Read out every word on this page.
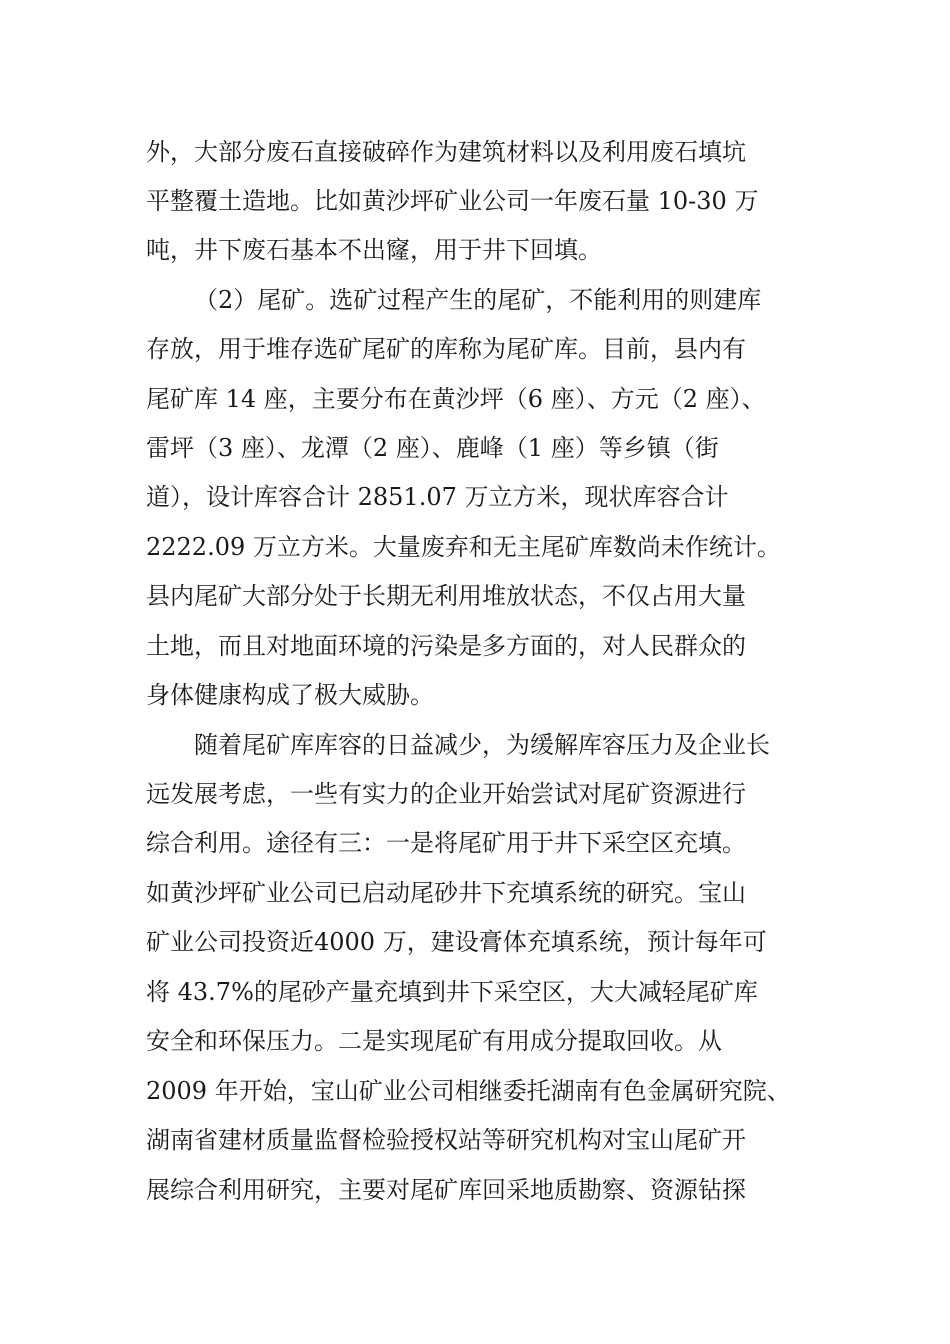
外，大部分废石直接破碎作为建筑材料以及利用废石填坑
平整覆土造地。比如黄沙坪矿业公司一年废石量 10-30 万
吨，井下废石基本不出窿，用于井下回填。
（2）尾矿。选矿过程产生的尾矿，不能利用的则建库
存放，用于堆存选矿尾矿的库称为尾矿库。目前，县内有
尾矿库 14 座，主要分布在黄沙坪（6 座）、方元（2 座）、
雷坪（3 座）、龙潭（2 座）、鹿峰（1 座）等乡镇（街
道），设计库容合计 2851.07 万立方米，现状库容合计
2222.09 万立方米。大量废弃和无主尾矿库数尚未作统计。
县内尾矿大部分处于长期无利用堆放状态，不仅占用大量
土地，而且对地面环境的污染是多方面的，对人民群众的
身体健康构成了极大威胁。
随着尾矿库库容的日益减少，为缓解库容压力及企业长
远发展考虑，一些有实力的企业开始尝试对尾矿资源进行
综合利用。途径有三：一是将尾矿用于井下采空区充填。
如黄沙坪矿业公司已启动尾砂井下充填系统的研究。宝山
矿业公司投资近4000 万，建设膏体充填系统，预计每年可
将 43.7%的尾砂产量充填到井下采空区，大大减轻尾矿库
安全和环保压力。二是实现尾矿有用成分提取回收。从
2009 年开始，宝山矿业公司相继委托湖南有色金属研究院、
湖南省建材质量监督检验授权站等研究机构对宝山尾矿开
展综合利用研究，主要对尾矿库回采地质勘察、资源钻探
